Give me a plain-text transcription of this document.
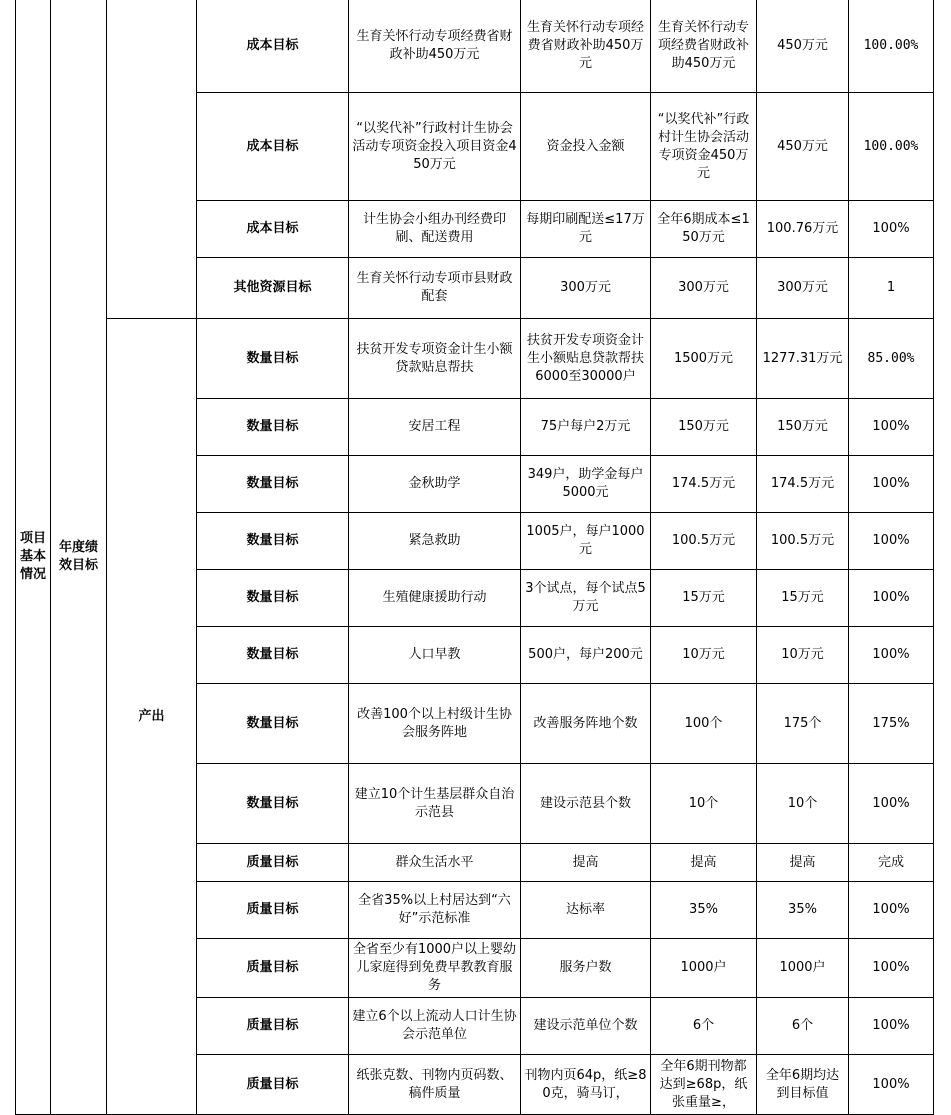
项目基本情况	年度绩效目标		成本目标	生育关怀行动专项经费省财政补助450万元	生育关怀行动专项经费省财政补助450万元	生育关怀行动专项经费省财政补助450万元	450万元	100.00%
			成本目标	“以奖代补”行政村计生协会活动专项资金投入项目资金450万元	资金投入金额	“以奖代补”行政村计生协会活动专项资金450万元	450万元	100.00%
			成本目标	计生协会小组办刊经费印刷、配送费用	每期印刷配送≤17万元	全年6期成本≤150万元	100.76万元	100%
			其他资源目标	生育关怀行动专项市县财政配套	300万元	300万元	300万元	1
		产出	数量目标	扶贫开发专项资金计生小额贷款贴息帮扶	扶贫开发专项资金计生小额贴息贷款帮扶6000至30000户	1500万元	1277.31万元	85.00%
			数量目标	安居工程	75户每户2万元	150万元	150万元	100%
			数量目标	金秋助学	349户，助学金每户5000元	174.5万元	174.5万元	100%
			数量目标	紧急救助	1005户，每户1000元	100.5万元	100.5万元	100%
			数量目标	生殖健康援助行动	3个试点，每个试点5万元	15万元	15万元	100%
			数量目标	人口早教	500户，每户200元	10万元	10万元	100%
			数量目标	改善100个以上村级计生协会服务阵地	改善服务阵地个数	100个	175个	175%
			数量目标	建立10个计生基层群众自治示范县	建设示范县个数	10个	10个	100%
			质量目标	群众生活水平	提高	提高	提高	完成
			质量目标	全省35%以上村居达到“六好”示范标准	达标率	35%	35%	100%
			质量目标	全省至少有1000户以上婴幼儿家庭得到免费早教教育服务	服务户数	1000户	1000户	100%
			质量目标	建立6个以上流动人口计生协会示范单位	建设示范单位个数	6个	6个	100%
			质量目标	纸张克数、刊物内页码数、稿件质量	刊物内页64p，纸≥80克，骑马订，	全年6期刊物都达到≥68p，纸张重量≥，	全年6期均达到目标值	100%
